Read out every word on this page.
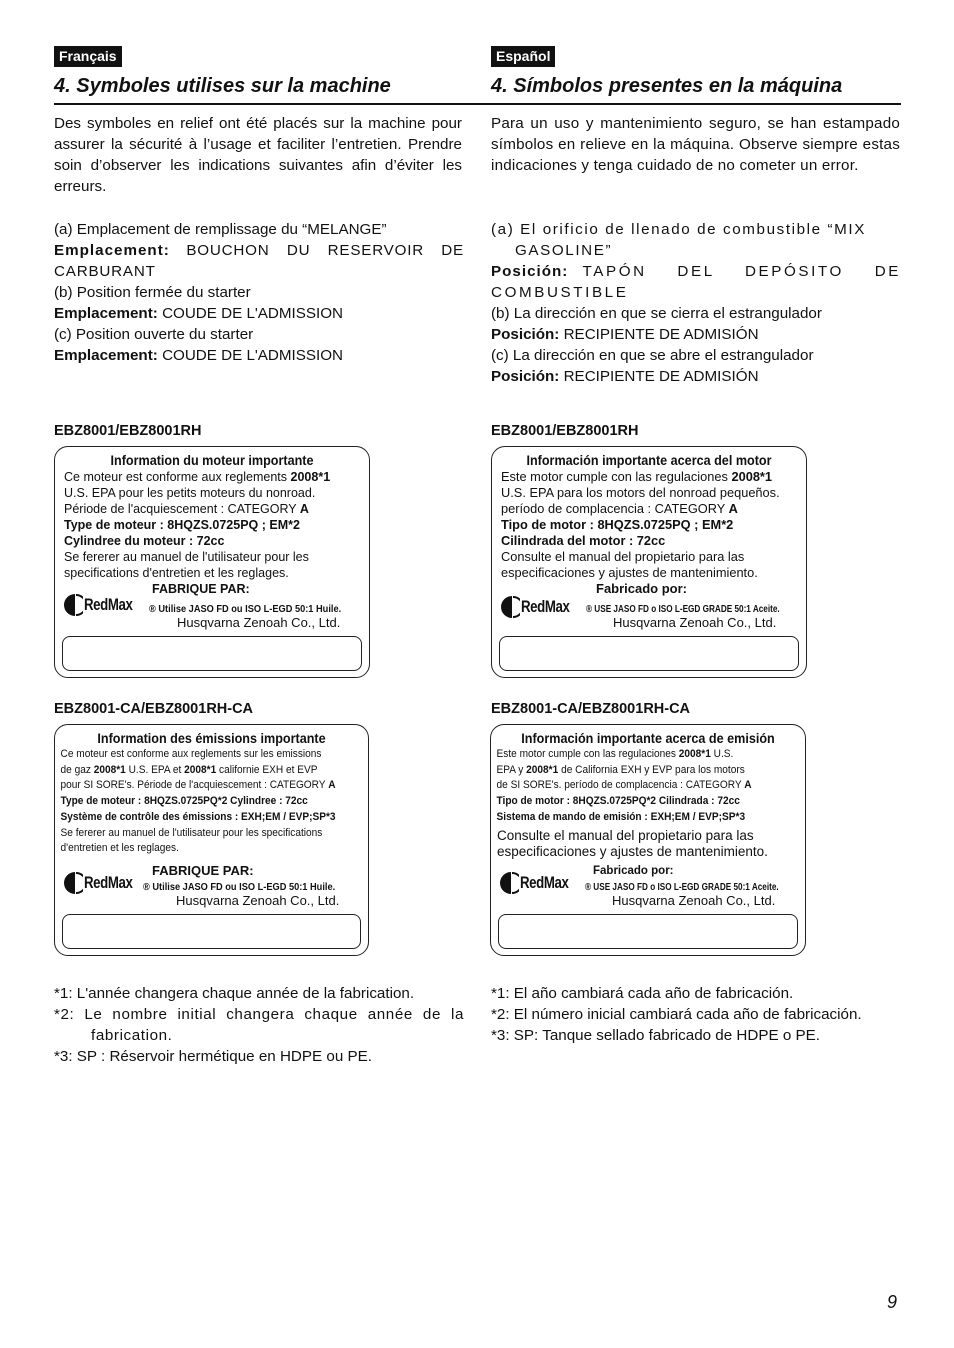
Français
4. Symboles utilises sur la machine
Español
4. Símbolos presentes en la máquina
Des symboles en relief ont été placés sur la machine pour assurer la sécurité à l’usage et faciliter l’entretien. Prendre soin d’observer les indications suivantes afin d’éviter les erreurs.
Para un uso y mantenimiento seguro, se han estampado símbolos en relieve en la máquina. Observe siempre estas indicaciones y tenga cuidado de no cometer un error.

(a) Emplacement de remplissage du “MELANGE”

Emplacement: BOUCHON DU RESERVOIR DE CARBURANT

(b) Position fermée du starter

Emplacement: COUDE DE L'ADMISSION

(c) Position ouverte du starter

Emplacement: COUDE DE L'ADMISSION

(a) El orificio de llenado de combustible “MIX GASOLINE”

Posición: TAPÓN DEL DEPÓSITO DE COMBUSTIBLE

(b) La dirección en que se cierra el estrangulador

Posición: RECIPIENTE DE ADMISIÓN

(c) La dirección en que se abre el estrangulador

Posición: RECIPIENTE DE ADMISIÓN

EBZ8001/EBZ8001RH	EBZ8001/EBZ8001RH
EBZ8001-CA/EBZ8001RH-CA	EBZ8001-CA/EBZ8001RH-CA
Information du moteur importante
Ce moteur est conforme aux reglements 2008*1
U.S. EPA pour les petits moteurs du nonroad.
Période de l'acquiescement : CATEGORY A
Type de moteur : 8HQZS.0725PQ ; EM*2
Cylindree du moteur : 72cc
Se fererer au manuel de l'utilisateur pour les
specifications d'entretien et les reglages.
FABRIQUE PAR:
RedMax ® Utilise JASO FD ou ISO L-EGD 50:1 Huile.
Husqvarna Zenoah Co., Ltd.
Información importante acerca del motor
Este motor cumple con las regulaciones 2008*1
U.S. EPA para los motors del nonroad pequeños.
período de complacencia : CATEGORY A
Tipo de motor : 8HQZS.0725PQ ; EM*2
Cilindrada del motor : 72cc
Consulte el manual del propietario para las
especificaciones y ajustes de mantenimiento.
Fabricado por:
RedMax ® USE JASO FD o ISO L-EGD GRADE 50:1 Aceite.
Husqvarna Zenoah Co., Ltd.
Information des émissions importante
Ce moteur est conforme aux reglements sur les emissions
de gaz 2008*1 U.S. EPA et 2008*1 californie EXH et EVP
pour SI SORE's. Période de l'acquiescement : CATEGORY A
Type de moteur : 8HQZS.0725PQ*2 Cylindree : 72cc
Système de contrôle des émissions : EXH;EM / EVP;SP*3
Se fererer au manuel de l'utilisateur pour les specifications
d'entretien et les reglages.
FABRIQUE PAR:
RedMax ® Utilise JASO FD ou ISO L-EGD 50:1 Huile.
Husqvarna Zenoah Co., Ltd.
Información importante acerca de emisión
Este motor cumple con las regulaciones 2008*1 U.S.
EPA y 2008*1 de California EXH y EVP para los motors
de SI SORE's. período de complacencia : CATEGORY A
Tipo de motor : 8HQZS.0725PQ*2 Cilindrada : 72cc
Sistema de mando de emisión : EXH;EM / EVP;SP*3
Consulte el manual del propietario para las
especificaciones y ajustes de mantenimiento.
Fabricado por:
RedMax ® USE JASO FD o ISO L-EGD GRADE 50:1 Aceite.
Husqvarna Zenoah Co., Ltd.

*1: L'année changera chaque année de la fabrication.

*2: Le nombre initial changera chaque année de la fabrication.

*3: SP : Réservoir hermétique en HDPE ou PE.

*1: El año cambiará cada año de fabricación.

*2: El número inicial cambiará cada año de fabricación.

*3: SP: Tanque sellado fabricado de HDPE o PE.

9
